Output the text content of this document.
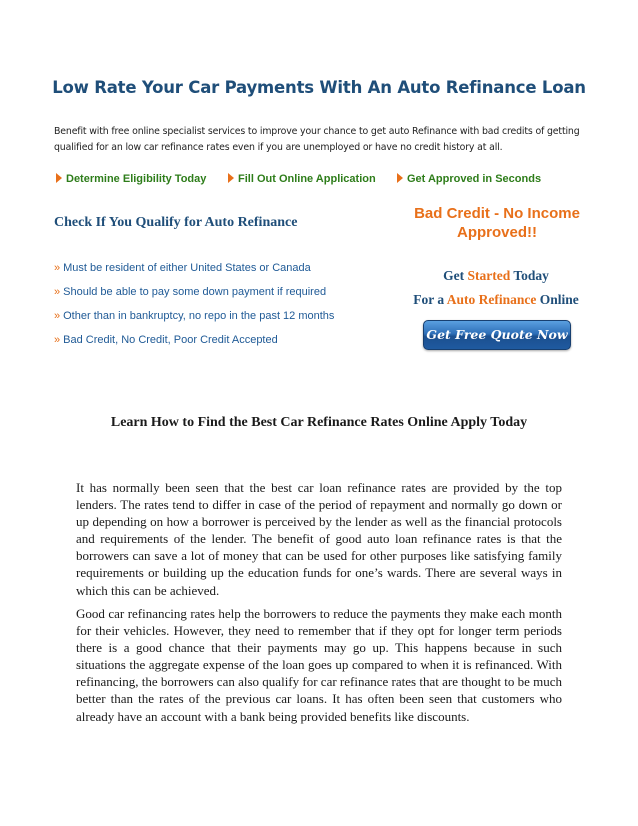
Low Rate Your Car Payments With An Auto Refinance Loan
Benefit with free online specialist services to improve your chance to get auto Refinance with bad credits of getting qualified for an low car refinance rates even if you are unemployed or have no credit history at all.
Determine Eligibility Today	Fill Out Online Application	Get Approved in Seconds
Check If You Qualify for Auto Refinance
» Must be resident of either United States or Canada
» Should be able to pay some down payment if required
» Other than in bankruptcy, no repo in the past 12 months
» Bad Credit, No Credit, Poor Credit Accepted
Bad Credit - No Income
Approved!!
Get Started Today
For a Auto Refinance Online
Get Free Quote Now >>
Learn How to Find the Best Car Refinance Rates Online Apply Today
It has normally been seen that the best car loan refinance rates are provided by the top lenders. The rates tend to differ in case of the period of repayment and normally go down or up depending on how a borrower is perceived by the lender as well as the financial protocols and requirements of the lender. The benefit of good auto loan refinance rates is that the borrowers can save a lot of money that can be used for other purposes like satisfying family requirements or building up the education funds for one’s wards. There are several ways in which this can be achieved.
Good car refinancing rates help the borrowers to reduce the payments they make each month for their vehicles. However, they need to remember that if they opt for longer term periods there is a good chance that their payments may go up. This happens because in such situations the aggregate expense of the loan goes up compared to when it is refinanced. With refinancing, the borrowers can also qualify for car refinance rates that are thought to be much better than the rates of the previous car loans. It has often been seen that customers who already have an account with a bank being provided benefits like discounts.
